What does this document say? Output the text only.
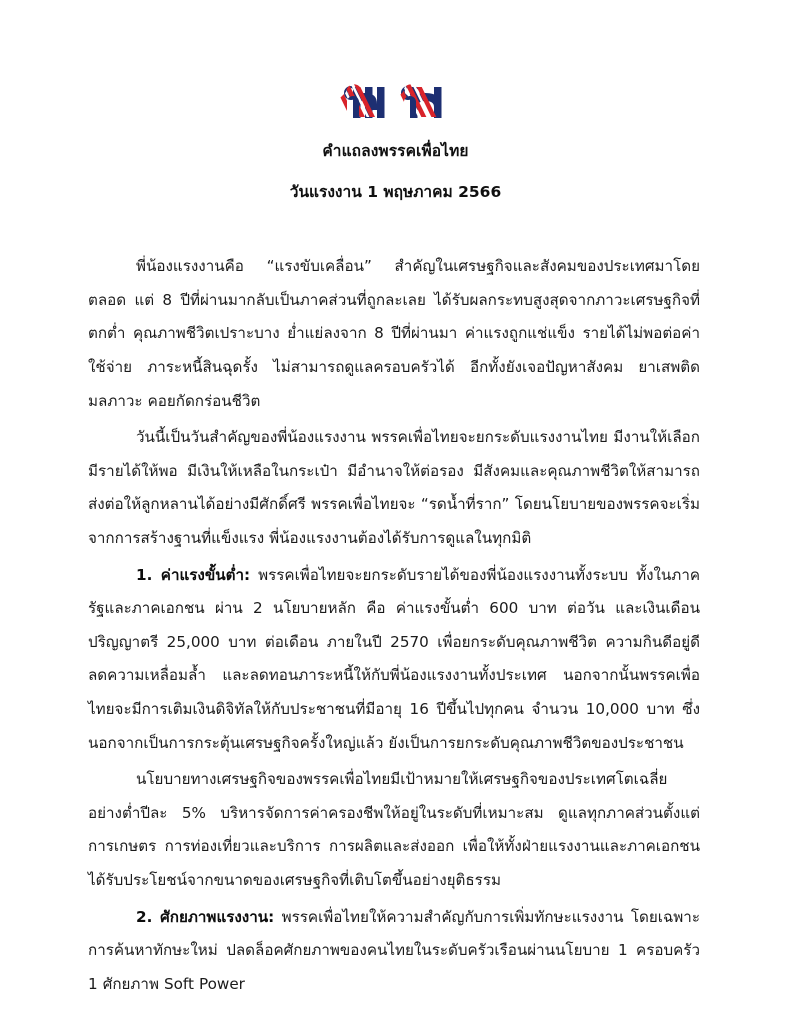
คำแถลงพรรคเพื่อไทย

วันแรงงาน 1 พฤษภาคม 2566

พี่น้องแรงงานคือ “แรงขับเคลื่อน” สำคัญในเศรษฐกิจและสังคมของประเทศมาโดยตลอด แต่ 8 ปีที่ผ่านมากลับเป็นภาคส่วนที่ถูกละเลย ได้รับผลกระทบสูงสุดจากภาวะเศรษฐกิจที่ตกต่ำ คุณภาพชีวิตเปราะบาง ย่ำแย่ลงจาก 8 ปีที่ผ่านมา ค่าแรงถูกแช่แข็ง รายได้ไม่พอต่อค่าใช้จ่าย ภาระหนี้สินฉุดรั้ง ไม่สามารถดูแลครอบครัวได้ อีกทั้งยังเจอปัญหาสังคม ยาเสพติด มลภาวะ คอยกัดกร่อนชีวิต

วันนี้เป็นวันสำคัญของพี่น้องแรงงาน พรรคเพื่อไทยจะยกระดับแรงงานไทย มีงานให้เลือก มีรายได้ให้พอ มีเงินให้เหลือในกระเป๋า มีอำนาจให้ต่อรอง มีสังคมและคุณภาพชีวิตให้สามารถส่งต่อให้ลูกหลานได้อย่างมีศักดิ์ศรี พรรคเพื่อไทยจะ “รดน้ำที่ราก” โดยนโยบายของพรรคจะเริ่มจากการสร้างฐานที่แข็งแรง พี่น้องแรงงานต้องได้รับการดูแลในทุกมิติ

1. ค่าแรงขั้นต่ำ: พรรคเพื่อไทยจะยกระดับรายได้ของพี่น้องแรงงานทั้งระบบ ทั้งในภาครัฐและภาคเอกชน ผ่าน 2 นโยบายหลัก คือ ค่าแรงขั้นต่ำ 600 บาท ต่อวัน และเงินเดือนปริญญาตรี 25,000 บาท ต่อเดือน ภายในปี 2570 เพื่อยกระดับคุณภาพชีวิต ความกินดีอยู่ดี ลดความเหลื่อมล้ำ และลดทอนภาระหนี้ให้กับพี่น้องแรงงานทั้งประเทศ นอกจากนั้นพรรคเพื่อไทยจะมีการเติมเงินดิจิทัลให้กับประชาชนที่มีอายุ 16 ปีขึ้นไปทุกคน จำนวน 10,000 บาท ซึ่งนอกจากเป็นการกระตุ้นเศรษฐกิจครั้งใหญ่แล้ว ยังเป็นการยกระดับคุณภาพชีวิตของประชาชน

นโยบายทางเศรษฐกิจของพรรคเพื่อไทยมีเป้าหมายให้เศรษฐกิจของประเทศโตเฉลี่ยอย่างต่ำปีละ 5% บริหารจัดการค่าครองชีพให้อยู่ในระดับที่เหมาะสม ดูแลทุกภาคส่วนตั้งแต่ การเกษตร การท่องเที่ยวและบริการ การผลิตและส่งออก เพื่อให้ทั้งฝ่ายแรงงานและภาคเอกชนได้รับประโยชน์จากขนาดของเศรษฐกิจที่เติบโตขึ้นอย่างยุติธรรม

2. ศักยภาพแรงงาน: พรรคเพื่อไทยให้ความสำคัญกับการเพิ่มทักษะแรงงาน โดยเฉพาะการค้นหาทักษะใหม่ ปลดล็อคศักยภาพของคนไทยในระดับครัวเรือนผ่านนโยบาย 1 ครอบครัว 1 ศักยภาพ Soft Power
